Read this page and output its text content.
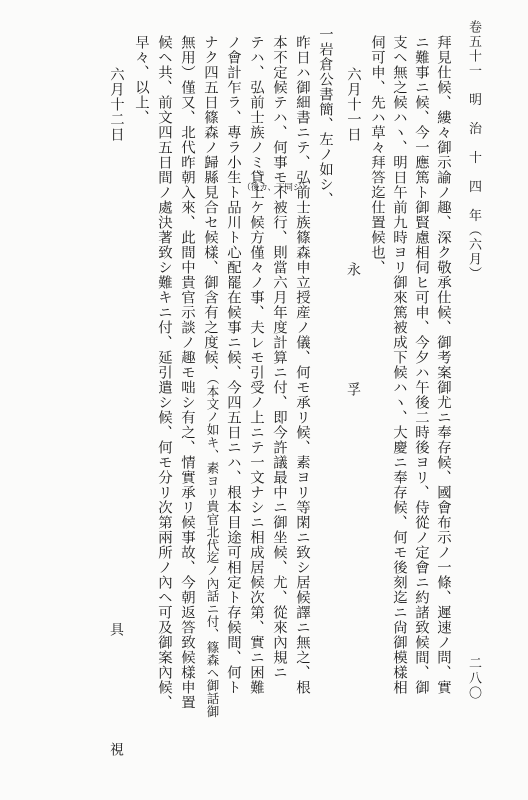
卷五十一　明　治　十　四　年（六月）
二八〇
拜見仕候、縷々御示諭ノ趣、深ク敬承仕候、御考案御尤ニ奉存候、國會布示ノ一條、遲速ノ問、實
ニ難事ニ候、今一應篤ト御賢慮相伺ヒ可申、今夕ハ午後二時後ヨリ、侍從ノ定會ニ約諸致候間、御
支ヘ無之候ハヽ、明日午前九時ヨリ御來篤被成下候ハヽ、大慶ニ奉存候、何モ後刻迄ニ尙御模樣相
伺可申、先ハ草々拜答迄仕置候也、
六月十一日
永　　孚
一岩倉公書簡、左ノ如シ、
昨日ハ御細書ニテ、弘前士族篠森申立授産ノ儀、何モ承リ候、素ヨリ等閑ニ致シ居候譯ニ無之、根
（後カ、下同ジ）
本不定候テハ、何事モ不被行、則當六月年度計算ニ付、即今許議最中ニ御坐候、尤、從來內規ニ
テハ、弘前士族ノミ貸上ケ候方僅々ノ事、夫レモ引受ノ上ニテ一文ナシニ相成居候次第、實ニ困難
ノ會計乍ラ、專ラ小生ト品川ト心配罷在候事ニ候、今四五日ニハ、根本目途可相定ト存候間、何ト
ナク四五日篠森ノ歸縣見合セ候樣、御含有之度候、
（本文ノ如キ、素ヨリ貴官北代迄ノ內話ニ付、篠森ヘ御話御
無用）僅又、北代昨朝入來、此間中貴官示談ノ趣モ咄シ有之、情實承リ候事故、今朝返答致候樣申置
候ヘ共、前文四五日間ノ處決著致シ難キニ付、延引遣シ候、何モ分リ次第兩所ノ內ヘ可及御案內候、
早々、以上、
六月十二日
具　　視
